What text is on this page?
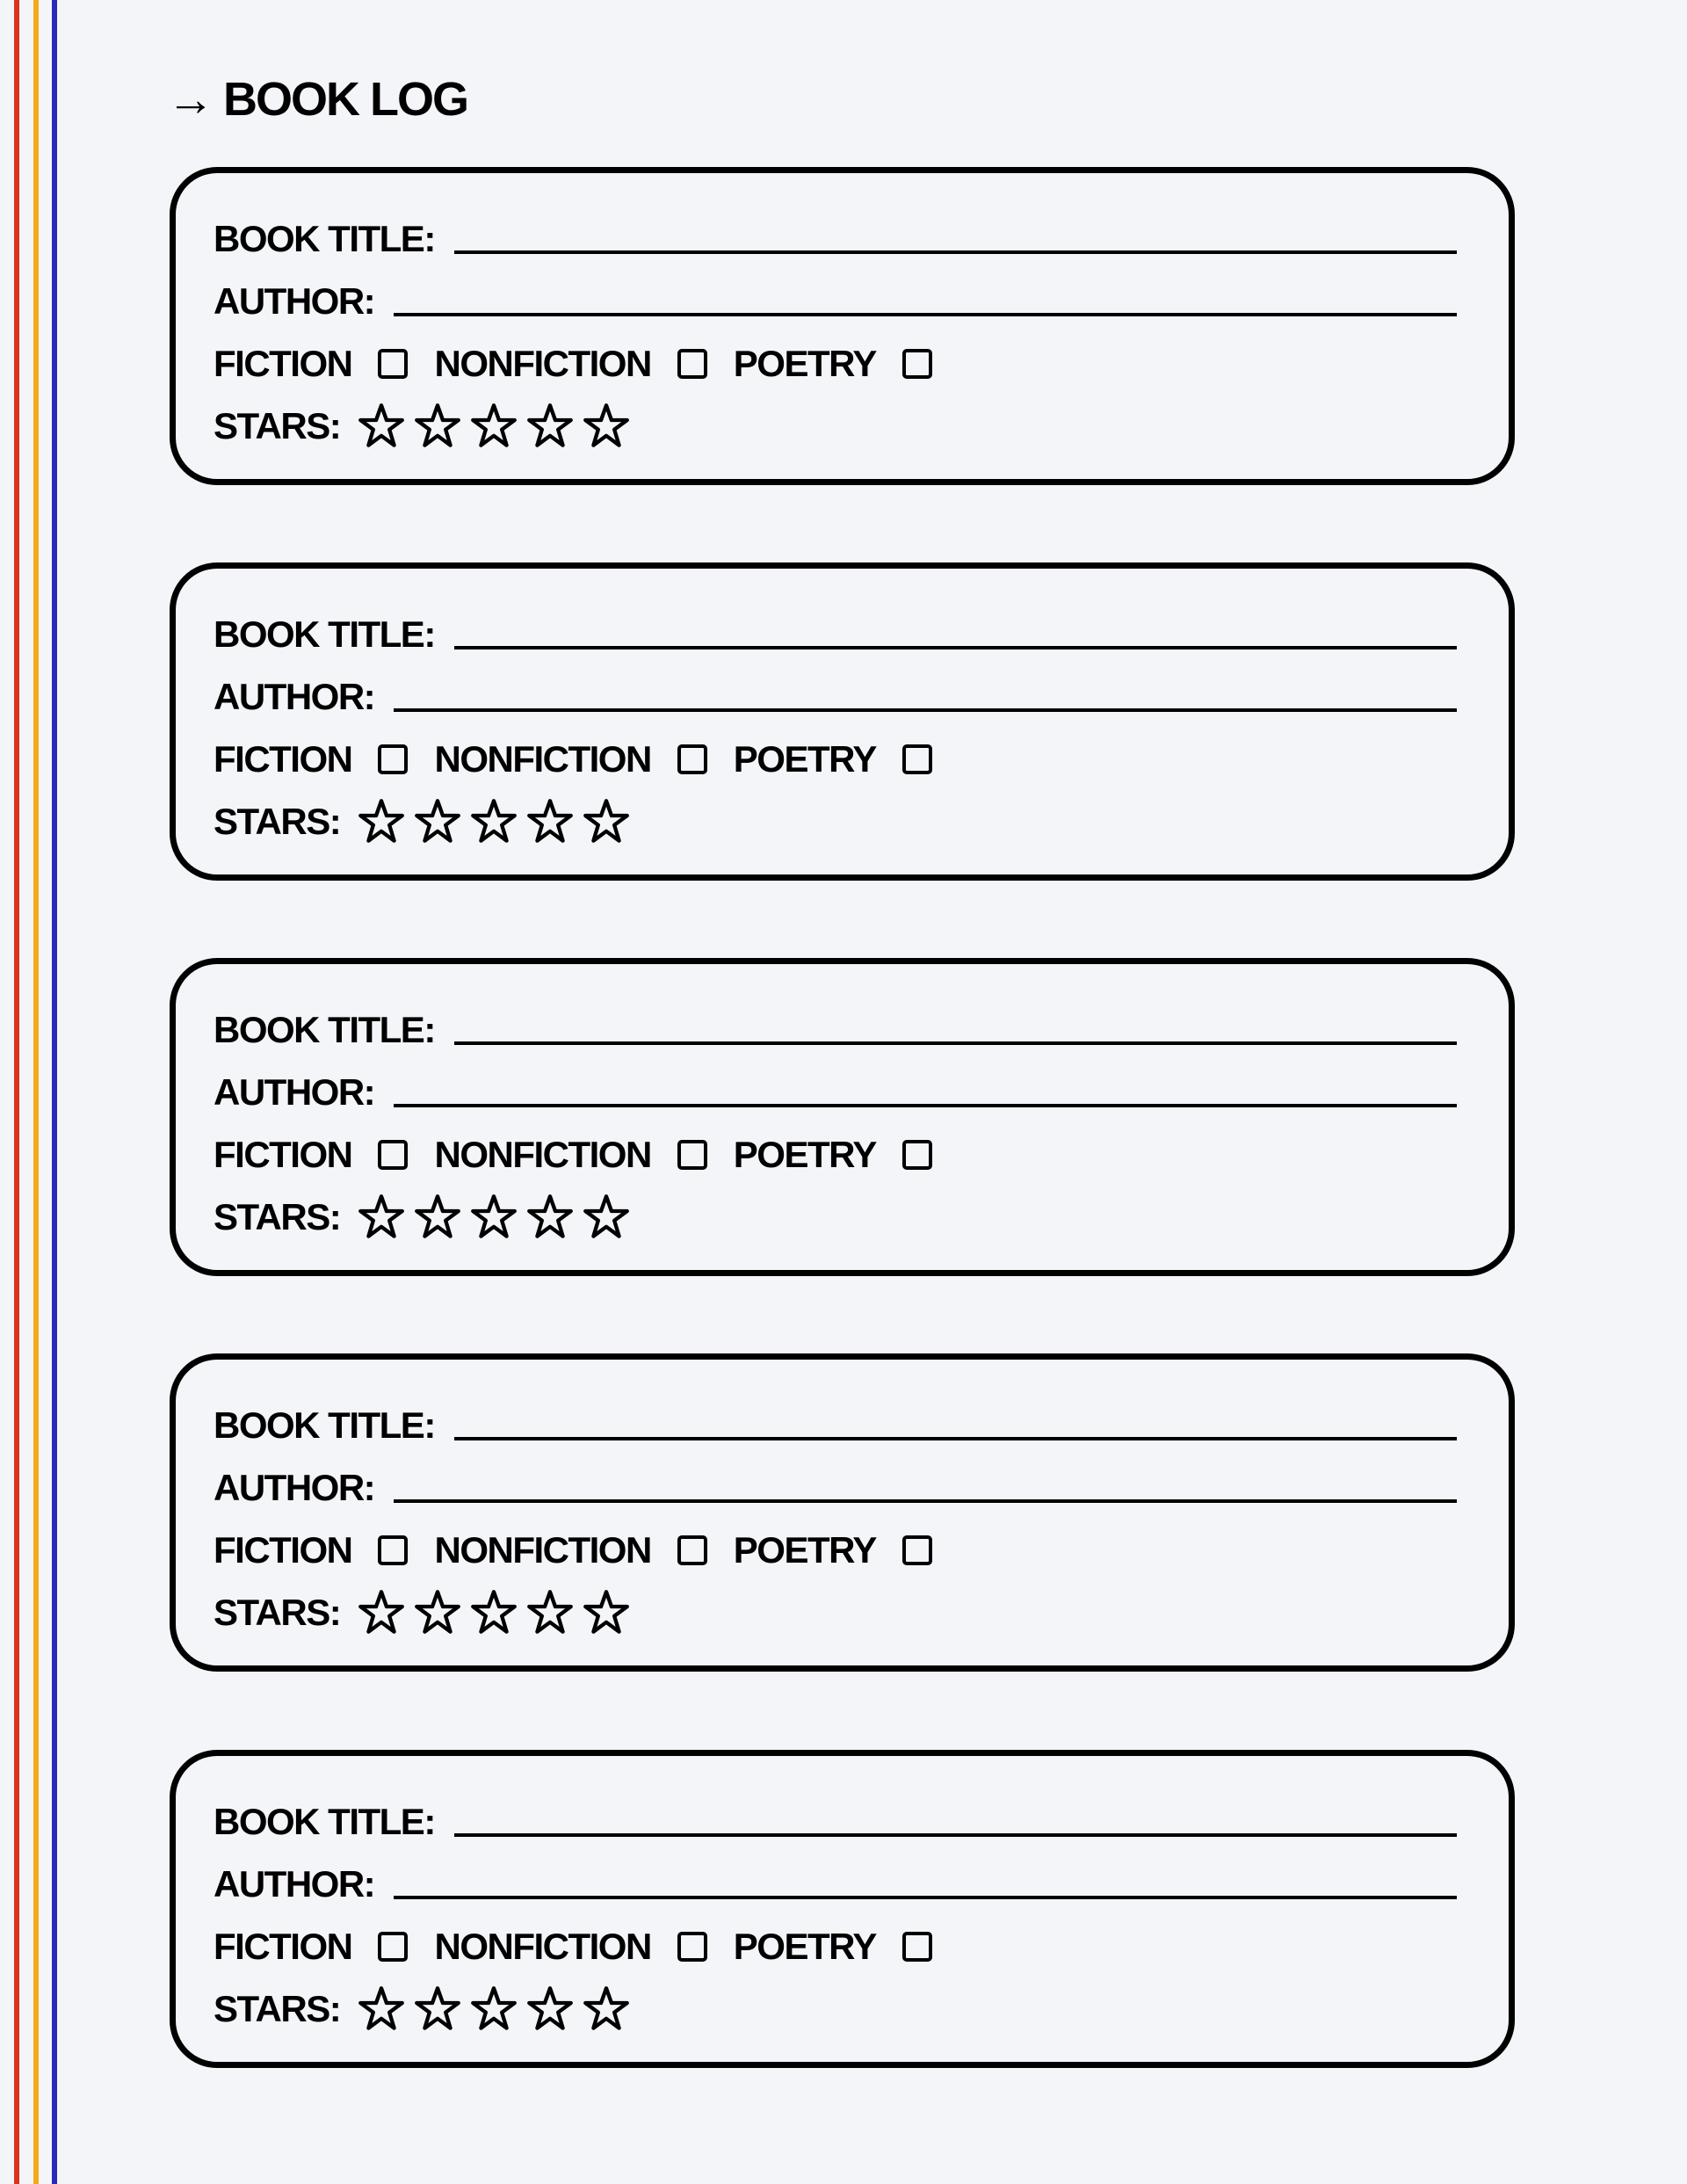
→ BOOK LOG
BOOK TITLE:
AUTHOR:
FICTION NONFICTION POETRY
STARS:
BOOK TITLE:
AUTHOR:
FICTION NONFICTION POETRY
STARS:
BOOK TITLE:
AUTHOR:
FICTION NONFICTION POETRY
STARS:
BOOK TITLE:
AUTHOR:
FICTION NONFICTION POETRY
STARS:
BOOK TITLE:
AUTHOR:
FICTION NONFICTION POETRY
STARS:
